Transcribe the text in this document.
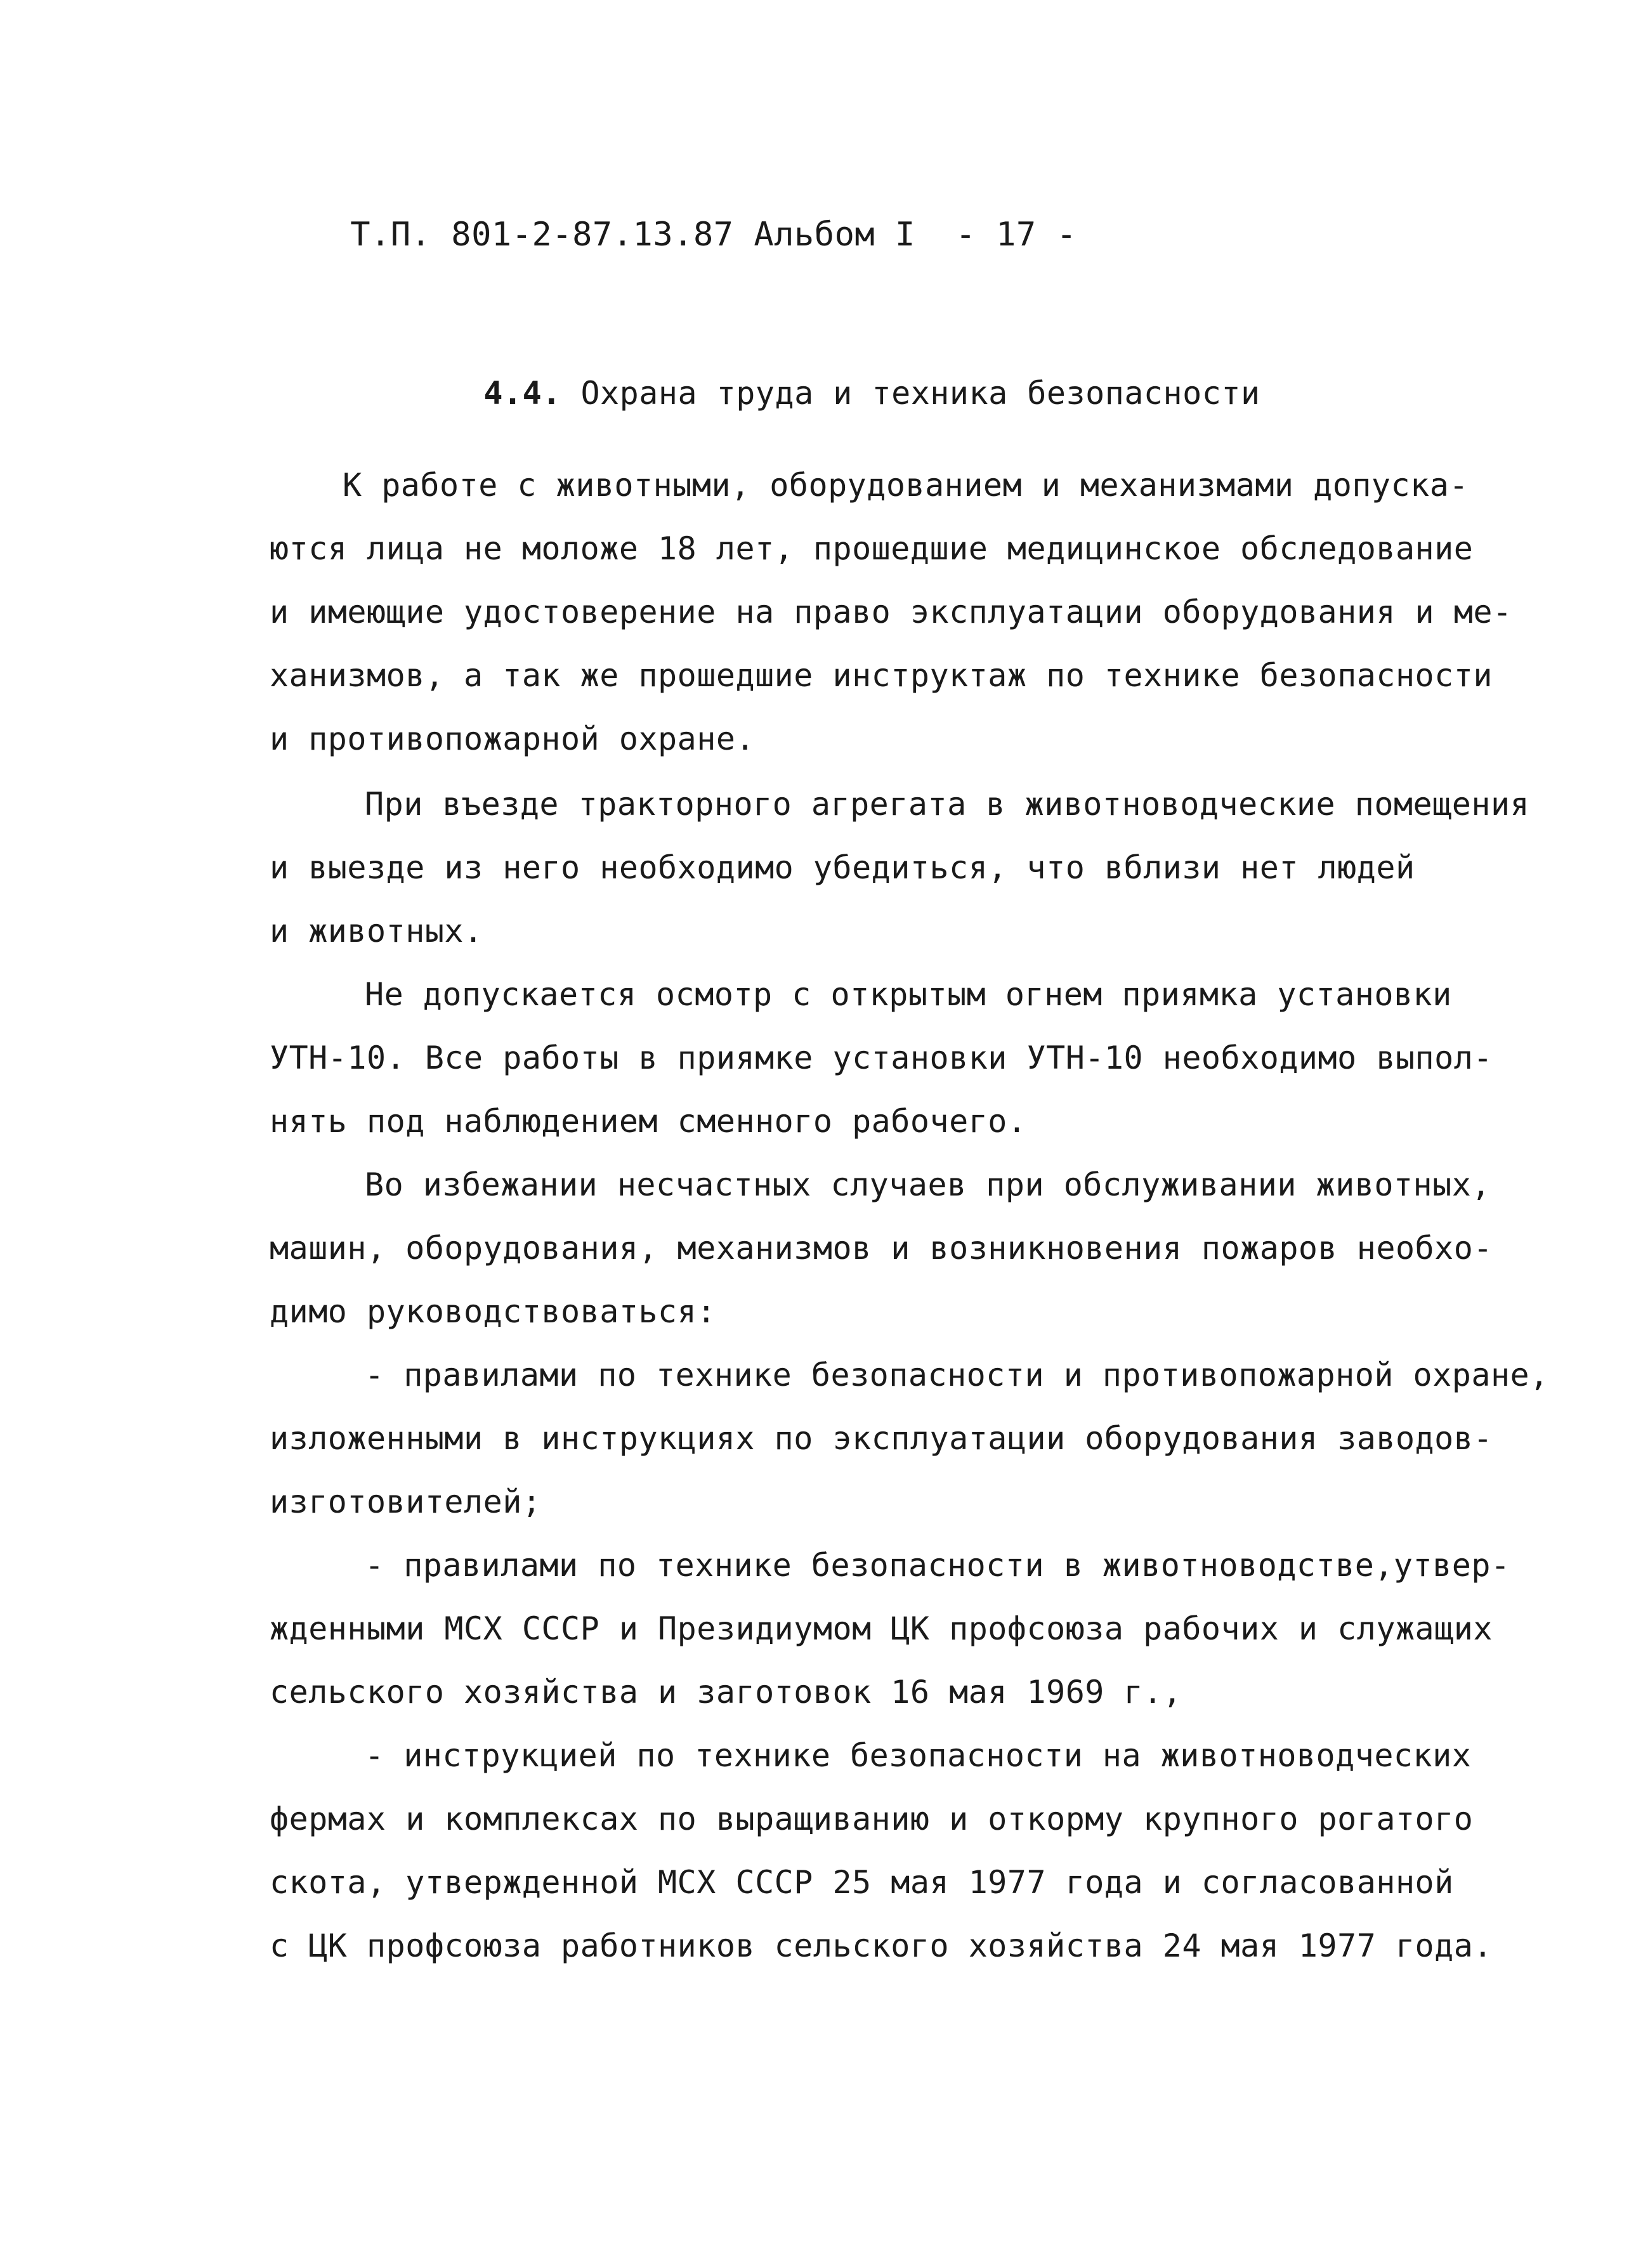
Т.П. 801-2-87.13.87 Альбом I - 17 -

4.4. Охрана труда и техника безопасности

К работе с животными, оборудованием и механизмами допуска-
ются лица не моложе 18 лет, прошедшие медицинское обследование
и имеющие удостоверение на право эксплуатации оборудования и ме-
ханизмов, а так же прошедшие инструктаж по технике безопасности
и противопожарной охране.
При въезде тракторного агрегата в животноводческие помещения
и выезде из него необходимо убедиться, что вблизи нет людей
и животных.
Не допускается осмотр с открытым огнем приямка установки
УТН-10. Все работы в приямке установки УТН-10 необходимо выпол-
нять под наблюдением сменного рабочего.
Во избежании несчастных случаев при обслуживании животных,
машин, оборудования, механизмов и возникновения пожаров необхо-
димо руководствоваться:
- правилами по технике безопасности и противопожарной охране,
изложенными в инструкциях по эксплуатации оборудования заводов-
изготовителей;
- правилами по технике безопасности в животноводстве,утвер-
жденными МСХ СССР и Президиумом ЦК профсоюза рабочих и служащих
сельского хозяйства и заготовок 16 мая 1969 г.,
- инструкцией по технике безопасности на животноводческих
фермах и комплексах по выращиванию и откорму крупного рогатого
скота, утвержденной МСХ СССР 25 мая 1977 года и согласованной
с ЦК профсоюза работников сельского хозяйства 24 мая 1977 года.
